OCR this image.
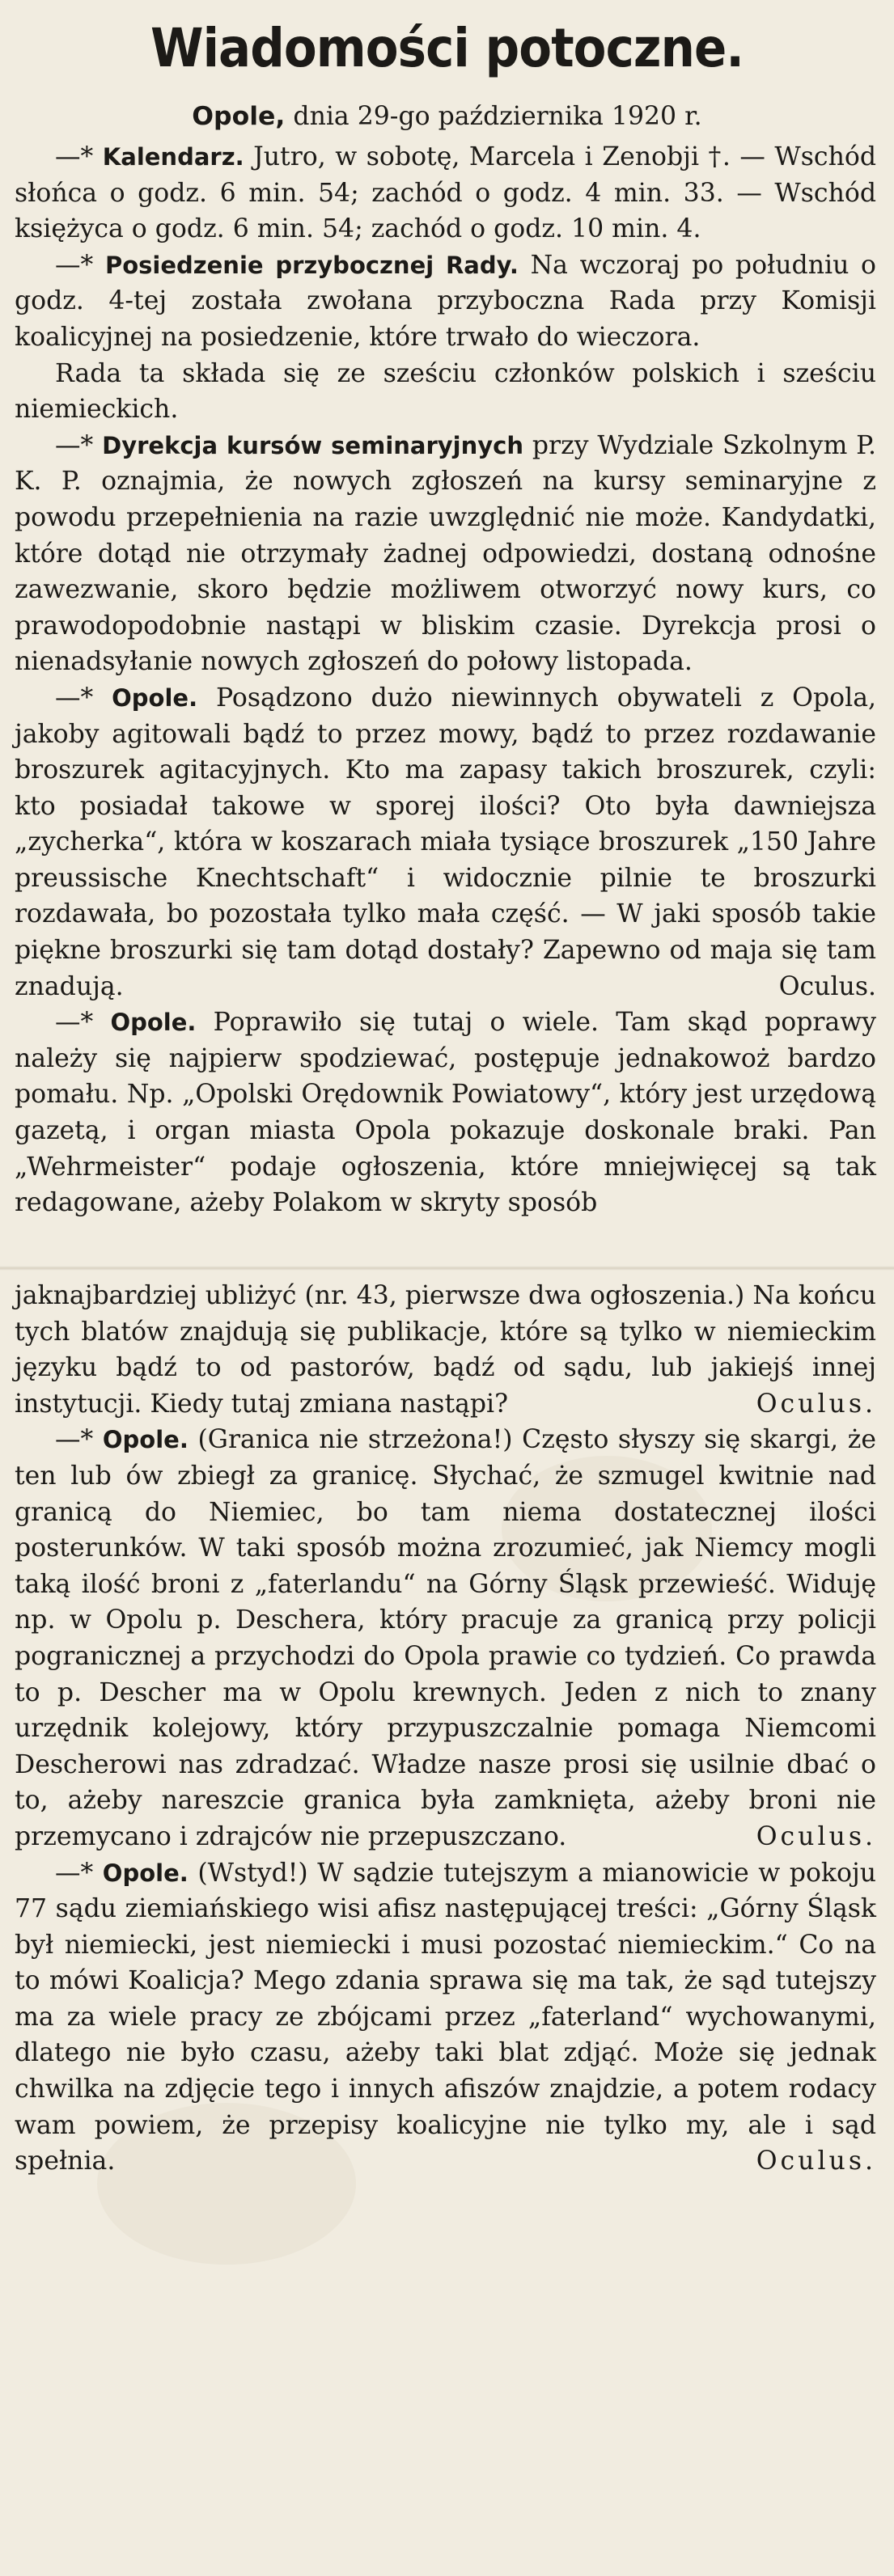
Wiadomości potoczne.
Opole, dnia 29-go października 1920 r.

—* Kalendarz. Jutro, w sobotę, Marcela i Zenobji †. — Wschód słońca o godz. 6 min. 54; zachód o godz. 4 min. 33. — Wschód księżyca o godz. 6 min. 54; zachód o godz. 10 min. 4.

—* Posiedzenie przybocznej Rady. Na wczoraj po południu o godz. 4-tej została zwołana przyboczna Rada przy Komisji koalicyjnej na posiedzenie, które trwało do wieczora.

Rada ta składa się ze sześciu członków polskich i sześciu niemieckich.

—* Dyrekcja kursów seminaryjnych przy Wydziale Szkolnym P. K. P. oznajmia, że nowych zgłoszeń na kursy seminaryjne z powodu przepełnienia na razie uwzględnić nie może. Kandydatki, które dotąd nie otrzymały żadnej odpowiedzi, dostaną odnośne zawezwanie, skoro będzie możliwem otworzyć nowy kurs, co prawodopodobnie nastąpi w bliskim czasie. Dyrekcja prosi o nienadsyłanie nowych zgłoszeń do połowy listopada.

—* Opole. Posądzono dużo niewinnych obywateli z Opola, jakoby agitowali bądź to przez mowy, bądź to przez rozdawanie broszurek agitacyjnych. Kto ma zapasy takich broszurek, czyli: kto posiadał takowe w sporej ilości? Oto była dawniejsza „zycherka“, która w koszarach miała tysiące broszurek „150 Jahre preussische Knechtschaft“ i widocznie pilnie te broszurki rozdawała, bo pozostała tylko mała część. — W jaki sposób takie piękne broszurki się tam dotąd dostały? Zapewno od maja się tam znadują.	Oculus.

—* Opole. Poprawiło się tutaj o wiele. Tam skąd poprawy należy się najpierw spodziewać, postępuje jednakowoż bardzo pomału. Np. „Opolski Orędownik Powiatowy“, który jest urzędową gazetą, i organ miasta Opola pokazuje doskonale braki. Pan „Wehrmeister“ podaje ogłoszenia, które mniejwięcej są tak redagowane, ażeby Polakom w skryty sposób

jaknajbardziej ubliżyć (nr. 43, pierwsze dwa ogłoszenia.) Na końcu tych blatów znajdują się publikacje, które są tylko w niemieckim języku bądź to od pastorów, bądź od sądu, lub jakiejś innej instytucji. Kiedy tutaj zmiana nastąpi?	Oculus.

—* Opole. (Granica nie strzeżona!) Często słyszy się skargi, że ten lub ów zbiegł za granicę. Słychać, że szmugel kwitnie nad granicą do Niemiec, bo tam niema dostatecznej ilości posterunków. W taki sposób można zrozumieć, jak Niemcy mogli taką ilość broni z „faterlandu“ na Górny Śląsk przewieść. Widuję np. w Opolu p. Deschera, który pracuje za granicą przy policji pogranicznej a przychodzi do Opola prawie co tydzień. Co prawda to p. Descher ma w Opolu krewnych. Jeden z nich to znany urzędnik kolejowy, który przypuszczalnie pomaga Niemcomi Descherowi nas zdradzać. Władze nasze prosi się usilnie dbać o to, ażeby nareszcie granica była zamknięta, ażeby broni nie przemycano i zdrajców nie przepuszczano.	Oculus.

—* Opole. (Wstyd!) W sądzie tutejszym a mianowicie w pokoju 77 sądu ziemiańskiego wisi afisz następującej treści: „Górny Śląsk był niemiecki, jest niemiecki i musi pozostać niemieckim.“ Co na to mówi Koalicja? Mego zdania sprawa się ma tak, że sąd tutejszy ma za wiele pracy ze zbójcami przez „faterland“ wychowanymi, dlatego nie było czasu, ażeby taki blat zdjąć. Może się jednak chwilka na zdjęcie tego i innych afiszów znajdzie, a potem rodacy wam powiem, że przepisy koalicyjne nie tylko my, ale i sąd spełnia.	Oculus.
